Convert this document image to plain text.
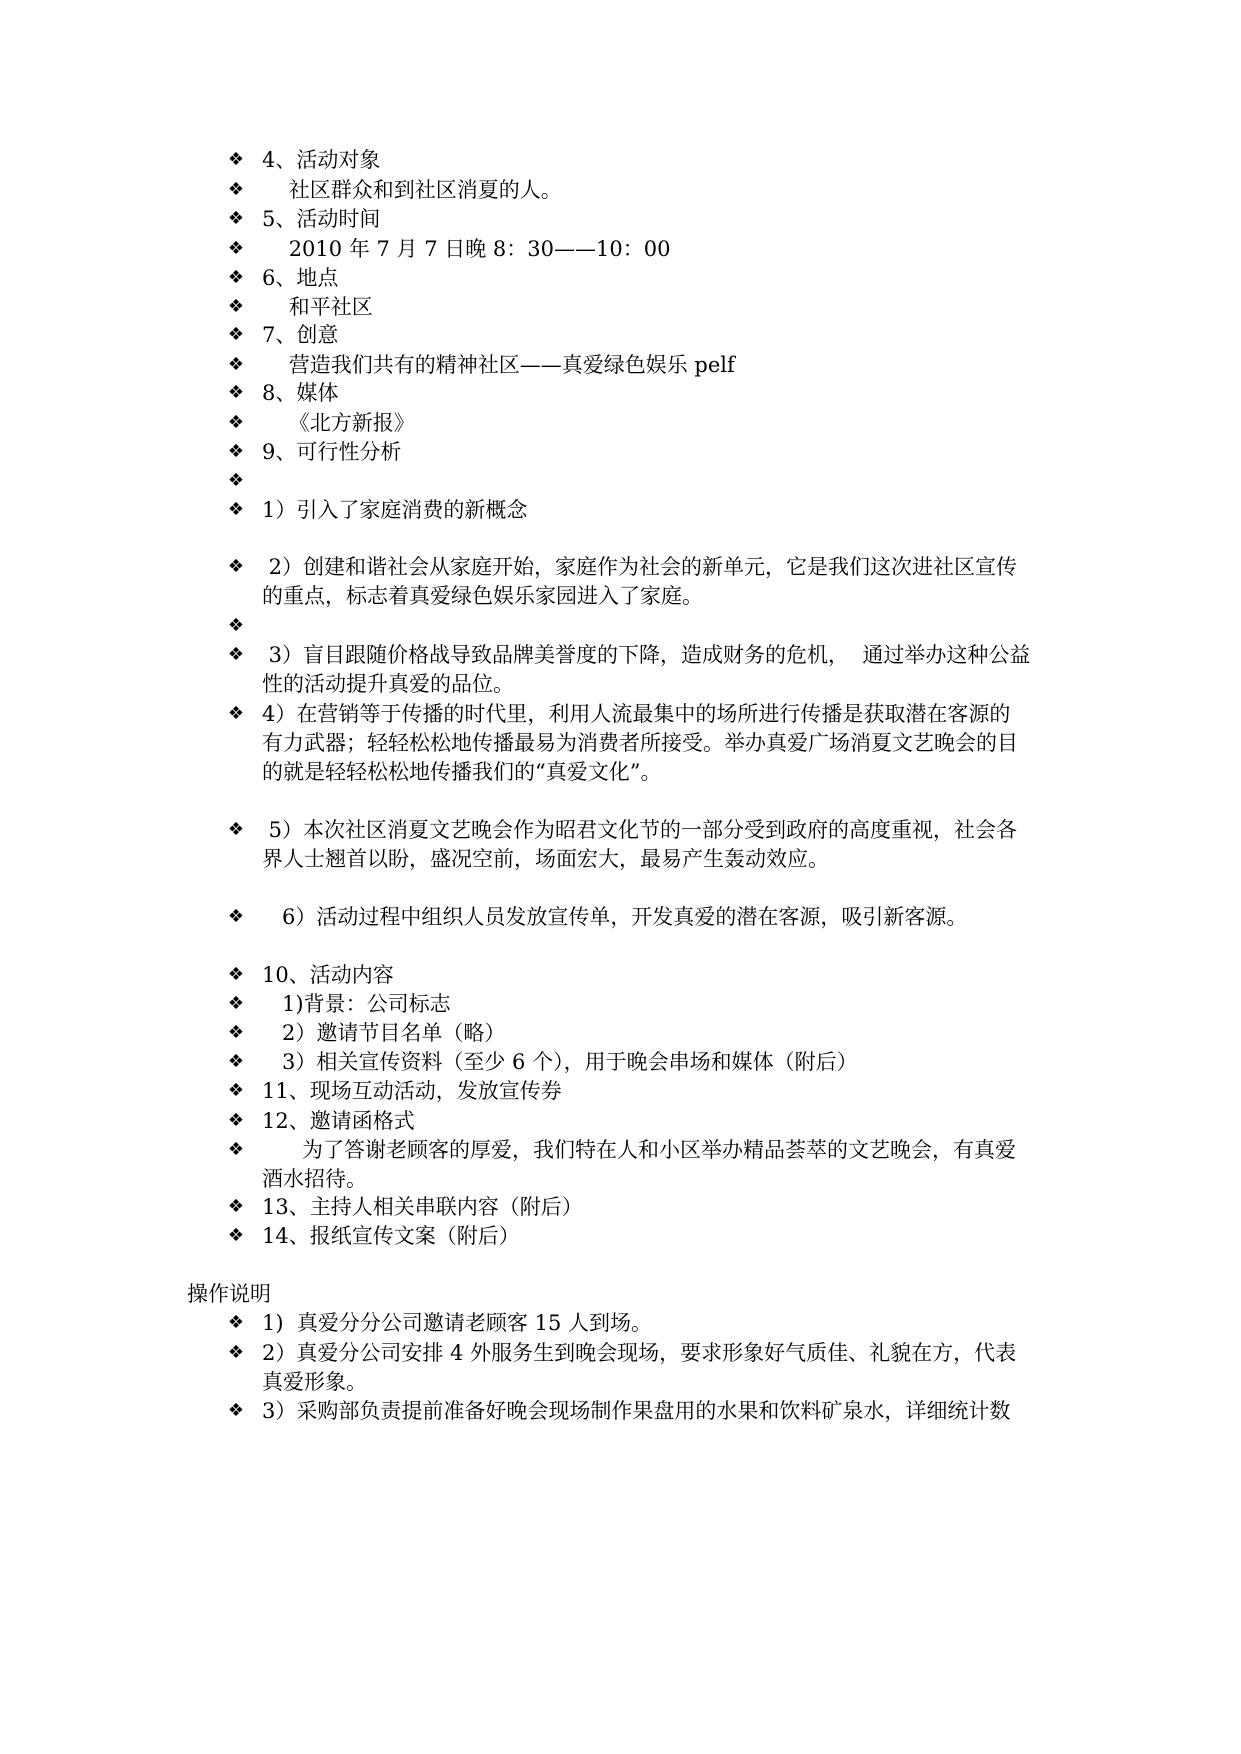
❖ 4、活动对象
❖ 社区群众和到社区消夏的人。
❖ 5、活动时间
❖ 2010 年 7 月 7 日晚 8：30——10：00
❖ 6、地点
❖ 和平社区
❖ 7、创意
❖ 营造我们共有的精神社区——真爱绿色娱乐 pelf
❖ 8、媒体
❖ 《北方新报》
❖ 9、可行性分析
❖
❖ 1）引入了家庭消费的新概念
❖ 2）创建和谐社会从家庭开始，家庭作为社会的新单元，它是我们这次进社区宣传
的重点，标志着真爱绿色娱乐家园进入了家庭。
❖
❖ 3）盲目跟随价格战导致品牌美誉度的下降，造成财务的危机，  通过举办这种公益
性的活动提升真爱的品位。
❖ 4）在营销等于传播的时代里，利用人流最集中的场所进行传播是获取潜在客源的
有力武器；轻轻松松地传播最易为消费者所接受。举办真爱广场消夏文艺晚会的目
的就是轻轻松松地传播我们的“真爱文化”。
❖ 5）本次社区消夏文艺晚会作为昭君文化节的一部分受到政府的高度重视，社会各
界人士翘首以盼，盛况空前，场面宏大，最易产生轰动效应。
❖ 6）活动过程中组织人员发放宣传单，开发真爱的潜在客源，吸引新客源。
❖ 10、活动内容
❖ 1)背景：公司标志
❖ 2）邀请节目名单（略）
❖ 3）相关宣传资料（至少 6 个），用于晚会串场和媒体（附后）
❖ 11、现场互动活动，发放宣传券
❖ 12、邀请函格式
❖ 为了答谢老顾客的厚爱，我们特在人和小区举办精品荟萃的文艺晚会，有真爱
酒水招待。
❖ 13、主持人相关串联内容（附后）
❖ 14、报纸宣传文案（附后）
操作说明
❖ 1)  真爱分分公司邀请老顾客 15 人到场。
❖ 2）真爱分公司安排 4 外服务生到晚会现场，要求形象好气质佳、礼貌在方，代表
真爱形象。
❖ 3）采购部负责提前准备好晚会现场制作果盘用的水果和饮料矿泉水，详细统计数
